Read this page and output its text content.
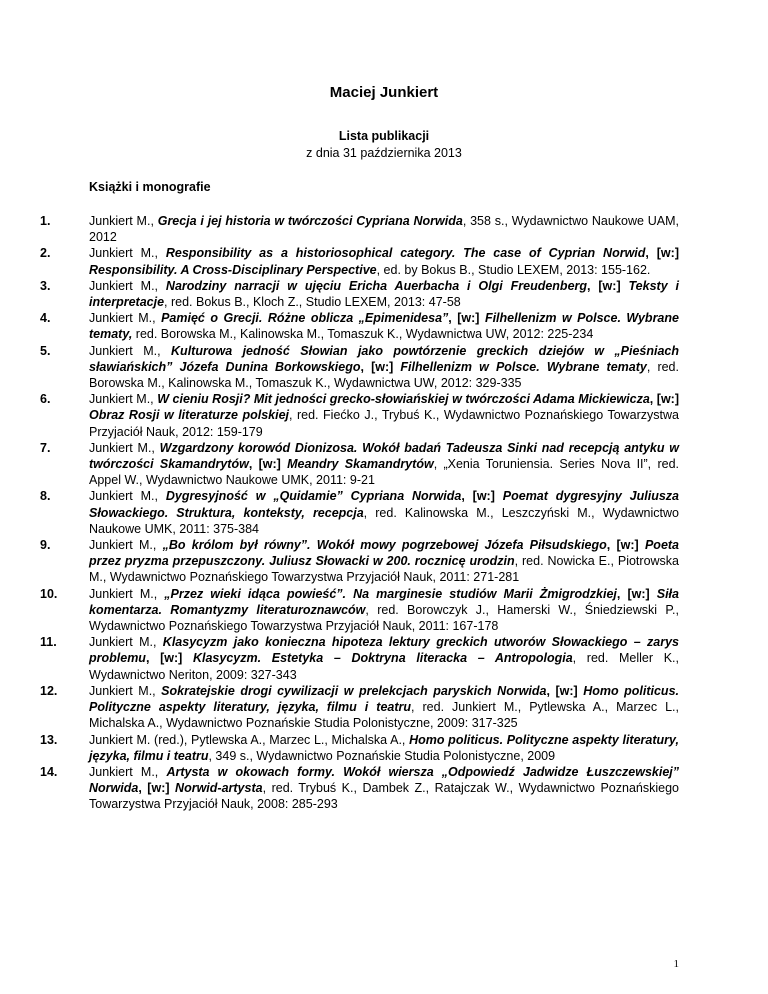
Maciej Junkiert
Lista publikacji
z dnia 31 października 2013
Książki i monografie
1.	Junkiert M., Grecja i jej historia w twórczości Cypriana Norwida, 358 s., Wydawnictwo Naukowe UAM, 2012
2.	Junkiert M., Responsibility as a historiosophical category. The case of Cyprian Norwid, [w:] Responsibility. A Cross-Disciplinary Perspective, ed. by Bokus B., Studio LEXEM, 2013: 155-162.
3.	Junkiert M., Narodziny narracji w ujęciu Ericha Auerbacha i Olgi Freudenberg, [w:] Teksty i interpretacje, red. Bokus B., Kloch Z., Studio LEXEM, 2013: 47-58
4.	Junkiert M., Pamięć o Grecji. Różne oblicza „Epimenidesa”, [w:] Filhellenizm w Polsce. Wybrane tematy, red. Borowska M., Kalinowska M., Tomaszuk K., Wydawnictwa UW, 2012: 225-234
5.	Junkiert M., Kulturowa jedność Słowian jako powtórzenie greckich dziejów w „Pieśniach sławiańskich” Józefa Dunina Borkowskiego, [w:] Filhellenizm w Polsce. Wybrane tematy, red. Borowska M., Kalinowska M., Tomaszuk K., Wydawnictwa UW, 2012: 329-335
6.	Junkiert M., W cieniu Rosji? Mit jedności grecko-słowiańskiej w twórczości Adama Mickiewicza, [w:] Obraz Rosji w literaturze polskiej, red. Fiećko J., Trybuś K., Wydawnictwo Poznańskiego Towarzystwa Przyjaciół Nauk, 2012: 159-179
7.	Junkiert M., Wzgardzony korowód Dionizosa. Wokół badań Tadeusza Sinki nad recepcją antyku w twórczości Skamandrytów, [w:] Meandry Skamandrytów, „Xenia Toruniensia. Series Nova II”, red. Appel W., Wydawnictwo Naukowe UMK, 2011: 9-21
8.	Junkiert M., Dygresyjność w „Quidamie” Cypriana Norwida, [w:] Poemat dygresyjny Juliusza Słowackiego. Struktura, konteksty, recepcja, red. Kalinowska M., Leszczyński M., Wydawnictwo Naukowe UMK, 2011: 375-384
9.	Junkiert M., „Bo królom był równy”. Wokół mowy pogrzebowej Józefa Piłsudskiego, [w:] Poeta przez pryzma przepuszczony. Juliusz Słowacki w 200. rocznicę urodzin, red. Nowicka E., Piotrowska M., Wydawnictwo Poznańskiego Towarzystwa Przyjaciół Nauk, 2011: 271-281
10.	Junkiert M., „Przez wieki idąca powieść”. Na marginesie studiów Marii Żmigrodzkiej, [w:] Siła komentarza. Romantyzmy literaturoznawców, red. Borowczyk J., Hamerski W., Śniedziewski P., Wydawnictwo Poznańskiego Towarzystwa Przyjaciół Nauk, 2011: 167-178
11.	Junkiert M., Klasycyzm jako konieczna hipoteza lektury greckich utworów Słowackiego – zarys problemu, [w:] Klasycyzm. Estetyka – Doktryna literacka – Antropologia, red. Meller K., Wydawnictwo Neriton, 2009: 327-343
12.	Junkiert M., Sokratejskie drogi cywilizacji w prelekcjach paryskich Norwida, [w:] Homo politicus. Polityczne aspekty literatury, języka, filmu i teatru, red. Junkiert M., Pytlewska A., Marzec L., Michalska A., Wydawnictwo Poznańskie Studia Polonistyczne, 2009: 317-325
13.	Junkiert M. (red.), Pytlewska A., Marzec L., Michalska A., Homo politicus. Polityczne aspekty literatury, języka, filmu i teatru, 349 s., Wydawnictwo Poznańskie Studia Polonistyczne, 2009
14.	Junkiert M., Artysta w okowach formy. Wokół wiersza „Odpowiedź Jadwidze Łuszczewskiej” Norwida, [w:] Norwid-artysta, red. Trybuś K., Dambek Z., Ratajczak W., Wydawnictwo Poznańskiego Towarzystwa Przyjaciół Nauk, 2008: 285-293
1
